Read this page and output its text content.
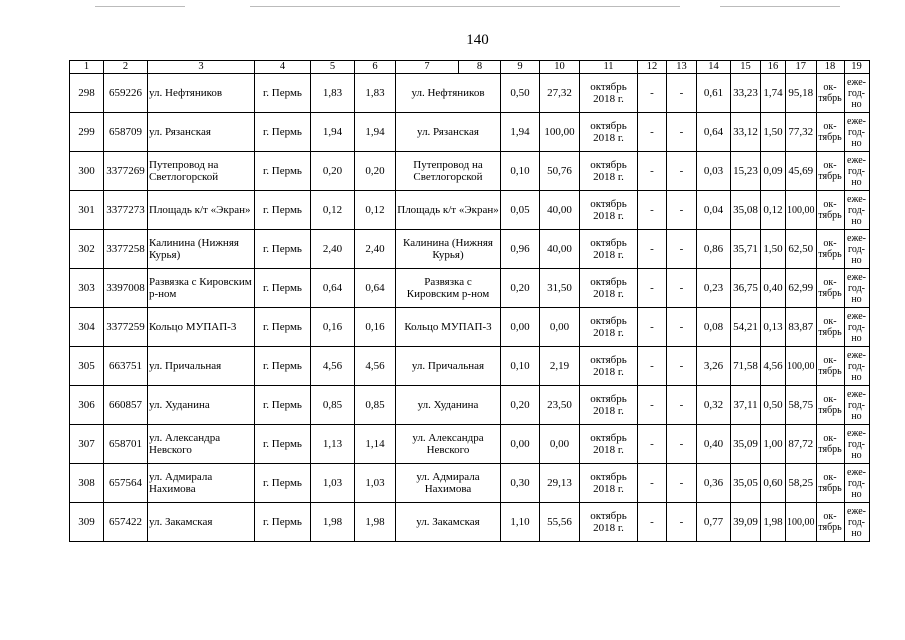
140
1	2	3	4	5	6	7	8	9	10	11	12	13	14	15	16	17	18	19
298	659226	ул. Нефтяников	г. Пермь	1,83	1,83	ул. Нефтяников		0,50	27,32	октябрь 2018 г.	-	-	0,61	33,23	1,74	95,18	ок-тябрь	еже-год-но
299	658709	ул. Рязанская	г. Пермь	1,94	1,94	ул. Рязанская		1,94	100,00	октябрь 2018 г.	-	-	0,64	33,12	1,50	77,32	ок-тябрь	еже-год-но
300	3377269	Путепровод на Светлогорской	г. Пермь	0,20	0,20	Путепровод на Светлогорской		0,10	50,76	октябрь 2018 г.	-	-	0,03	15,23	0,09	45,69	ок-тябрь	еже-год-но
301	3377273	Площадь к/т «Экран»	г. Пермь	0,12	0,12	Площадь к/т «Экран»		0,05	40,00	октябрь 2018 г.	-	-	0,04	35,08	0,12	100,00	ок-тябрь	еже-год-но
302	3377258	Калинина (Нижняя Курья)	г. Пермь	2,40	2,40	Калинина (Нижняя Курья)		0,96	40,00	октябрь 2018 г.	-	-	0,86	35,71	1,50	62,50	ок-тябрь	еже-год-но
303	3397008	Развязка с Кировским р-ном	г. Пермь	0,64	0,64	Развязка с Кировским р-ном		0,20	31,50	октябрь 2018 г.	-	-	0,23	36,75	0,40	62,99	ок-тябрь	еже-год-но
304	3377259	Кольцо МУПАП-3	г. Пермь	0,16	0,16	Кольцо МУПАП-3		0,00	0,00	октябрь 2018 г.	-	-	0,08	54,21	0,13	83,87	ок-тябрь	еже-год-но
305	663751	ул. Причальная	г. Пермь	4,56	4,56	ул. Причальная		0,10	2,19	октябрь 2018 г.	-	-	3,26	71,58	4,56	100,00	ок-тябрь	еже-год-но
306	660857	ул. Худанина	г. Пермь	0,85	0,85	ул. Худанина		0,20	23,50	октябрь 2018 г.	-	-	0,32	37,11	0,50	58,75	ок-тябрь	еже-год-но
307	658701	ул. Александра Невского	г. Пермь	1,13	1,14	ул. Александра Невского		0,00	0,00	октябрь 2018 г.	-	-	0,40	35,09	1,00	87,72	ок-тябрь	еже-год-но
308	657564	ул. Адмирала Нахимова	г. Пермь	1,03	1,03	ул. Адмирала Нахимова		0,30	29,13	октябрь 2018 г.	-	-	0,36	35,05	0,60	58,25	ок-тябрь	еже-год-но
309	657422	ул. Закамская	г. Пермь	1,98	1,98	ул. Закамская		1,10	55,56	октябрь 2018 г.	-	-	0,77	39,09	1,98	100,00	ок-тябрь	еже-год-но
